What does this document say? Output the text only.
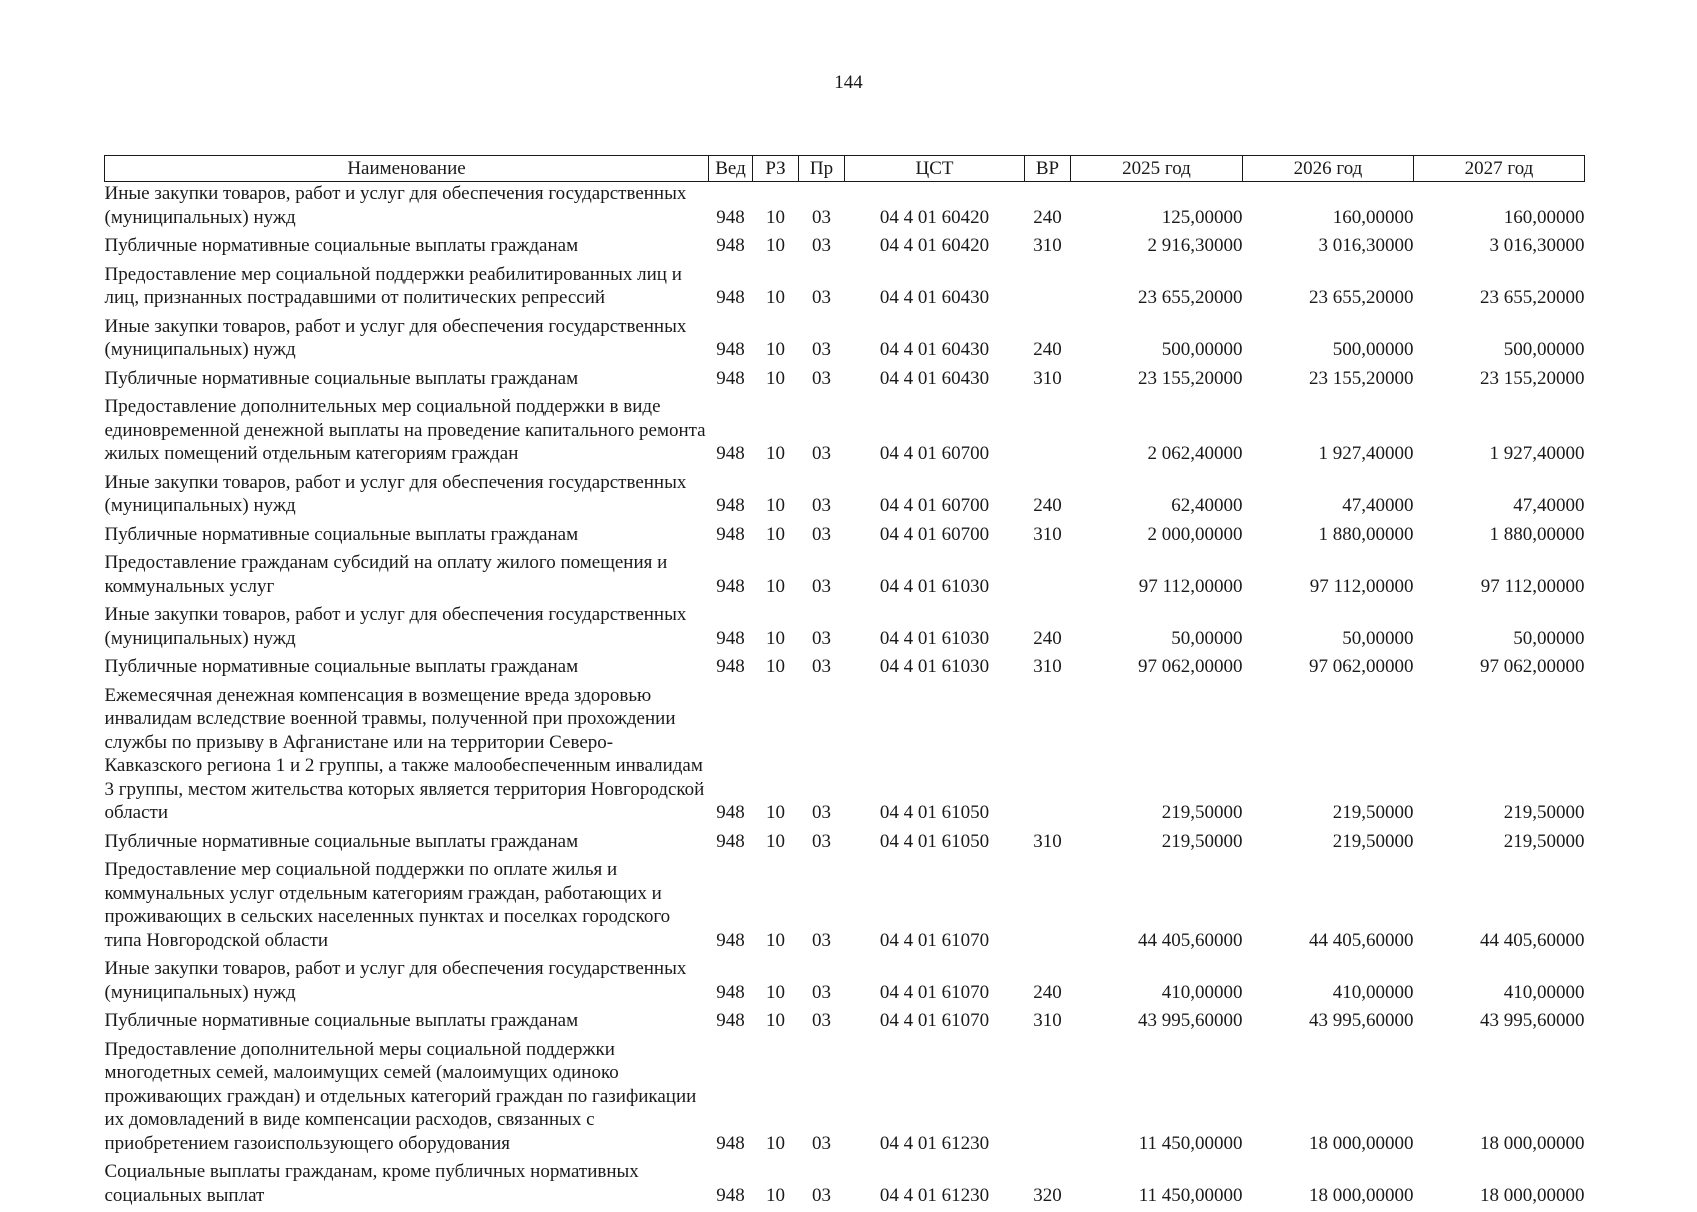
144
Наименование	Вед	РЗ	Пр	ЦСТ	ВР	2025 год	2026 год	2027 год
Иные закупки товаров, работ и услуг для обеспечения государственных (муниципальных) нужд	948	10	03	04 4 01 60420	240	125,00000	160,00000	160,00000
Публичные нормативные социальные выплаты гражданам	948	10	03	04 4 01 60420	310	2 916,30000	3 016,30000	3 016,30000
Предоставление мер социальной поддержки реабилитированных лиц и лиц, признанных пострадавшими от политических репрессий	948	10	03	04 4 01 60430		23 655,20000	23 655,20000	23 655,20000
Иные закупки товаров, работ и услуг для обеспечения государственных (муниципальных) нужд	948	10	03	04 4 01 60430	240	500,00000	500,00000	500,00000
Публичные нормативные социальные выплаты гражданам	948	10	03	04 4 01 60430	310	23 155,20000	23 155,20000	23 155,20000
Предоставление дополнительных мер социальной поддержки в виде единовременной денежной выплаты на проведение капитального ремонта жилых помещений отдельным категориям граждан	948	10	03	04 4 01 60700		2 062,40000	1 927,40000	1 927,40000
Иные закупки товаров, работ и услуг для обеспечения государственных (муниципальных) нужд	948	10	03	04 4 01 60700	240	62,40000	47,40000	47,40000
Публичные нормативные социальные выплаты гражданам	948	10	03	04 4 01 60700	310	2 000,00000	1 880,00000	1 880,00000
Предоставление гражданам субсидий на оплату жилого помещения и коммунальных услуг	948	10	03	04 4 01 61030		97 112,00000	97 112,00000	97 112,00000
Иные закупки товаров, работ и услуг для обеспечения государственных (муниципальных) нужд	948	10	03	04 4 01 61030	240	50,00000	50,00000	50,00000
Публичные нормативные социальные выплаты гражданам	948	10	03	04 4 01 61030	310	97 062,00000	97 062,00000	97 062,00000
Ежемесячная денежная компенсация в возмещение вреда здоровью инвалидам вследствие военной травмы, полученной при прохождении службы по призыву в Афганистане или на территории Северо-Кавказского региона 1 и 2 группы, а также малообеспеченным инвалидам 3 группы, местом жительства которых является территория Новгородской области	948	10	03	04 4 01 61050		219,50000	219,50000	219,50000
Публичные нормативные социальные выплаты гражданам	948	10	03	04 4 01 61050	310	219,50000	219,50000	219,50000
Предоставление мер социальной поддержки по оплате жилья и коммунальных услуг отдельным категориям граждан, работающих и проживающих в сельских населенных пунктах и поселках городского типа Новгородской области	948	10	03	04 4 01 61070		44 405,60000	44 405,60000	44 405,60000
Иные закупки товаров, работ и услуг для обеспечения государственных (муниципальных) нужд	948	10	03	04 4 01 61070	240	410,00000	410,00000	410,00000
Публичные нормативные социальные выплаты гражданам	948	10	03	04 4 01 61070	310	43 995,60000	43 995,60000	43 995,60000
Предоставление дополнительной меры социальной поддержки многодетных семей, малоимущих семей (малоимущих одиноко проживающих граждан) и отдельных категорий граждан по газификации их домовладений в виде компенсации расходов, связанных с приобретением газоиспользующего оборудования	948	10	03	04 4 01 61230		11 450,00000	18 000,00000	18 000,00000
Социальные выплаты гражданам, кроме публичных нормативных социальных выплат	948	10	03	04 4 01 61230	320	11 450,00000	18 000,00000	18 000,00000
